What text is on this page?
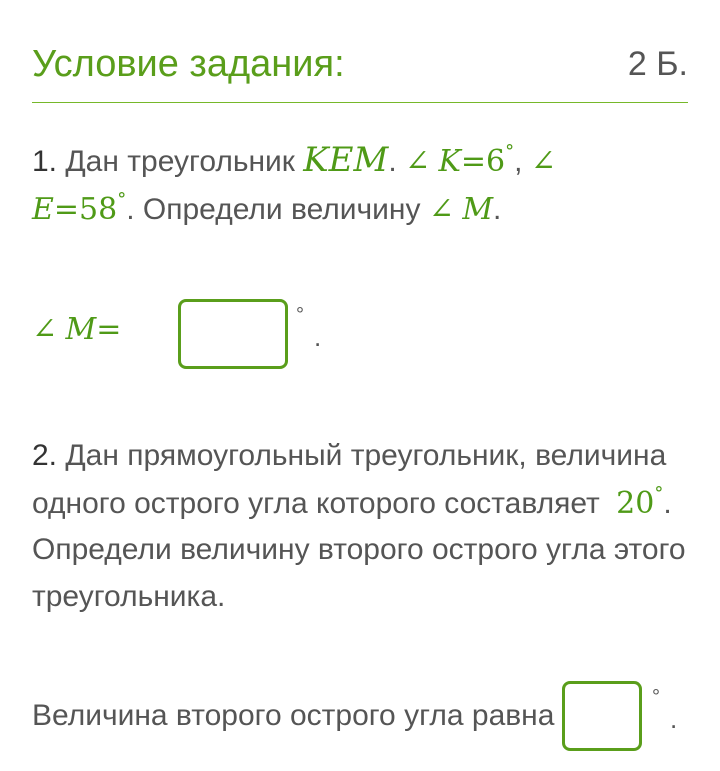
Условие задания:	2 Б.
1. Дан треугольник KEM. ∠ K=6°, ∠
E=58°. Определи величину ∠ M.
∠ M=	°
.
2. Дан прямоугольный треугольник, величина
одного острого угла которого составляет 20°.
Определи величину второго острого угла этого
треугольника.
Величина второго острого угла равна
°
.
